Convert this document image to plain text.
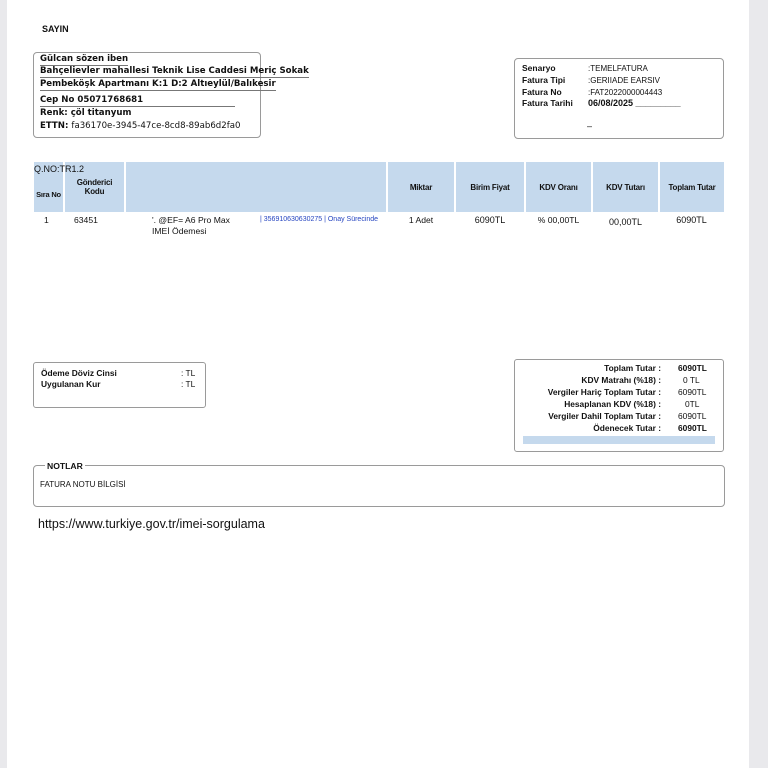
SAYIN
Gülcan sözen iben
Bahçelievler mahallesi Teknik Lise Caddesi Meriç Sokak
Pembeköşk Apartmanı K:1 D:2 Altıeylül/Balıkesir
Cep No 05071768681
Renk: çöl titanyum
ETTN: fa36170e-3945-47ce-8cd8-89ab6d2fa0
Senaryo	:TEMELFATURA
Fatura Tipi	:GERIIADE EARSIV
Fatura No	:FAT2022000004443
Fatura Tarihi 06/08/2025 _________
–
Sıra No	Gönderici Kodu		Miktar	Birim Fiyat	KDV Oranı	KDV Tutarı	Toplam Tutar
1	63451	'. @EF= A6 Pro Max | 356910630630275 | Onay Sürecinde
IMEİ Ödemesi	1 Adet	6090TL	% 00,00TL	00,00TL	6090TL
Q.NO:TR1.2
Ödeme Döviz Cinsi	: TL
Uygulanan Kur	: TL
Toplam Tutar : 6090TL
KDV Matrahı (%18) :	0 TL
Vergiler Hariç Toplam Tutar : 6090TL
Hesaplanan KDV (%18) :	0TL
Vergiler Dahil Toplam Tutar : 6090TL
Ödenecek Tutar : 6090TL
FATURA NOTU BİLGİSİ
NOTLAR
https://www.turkiye.gov.tr/imei-sorgulama
